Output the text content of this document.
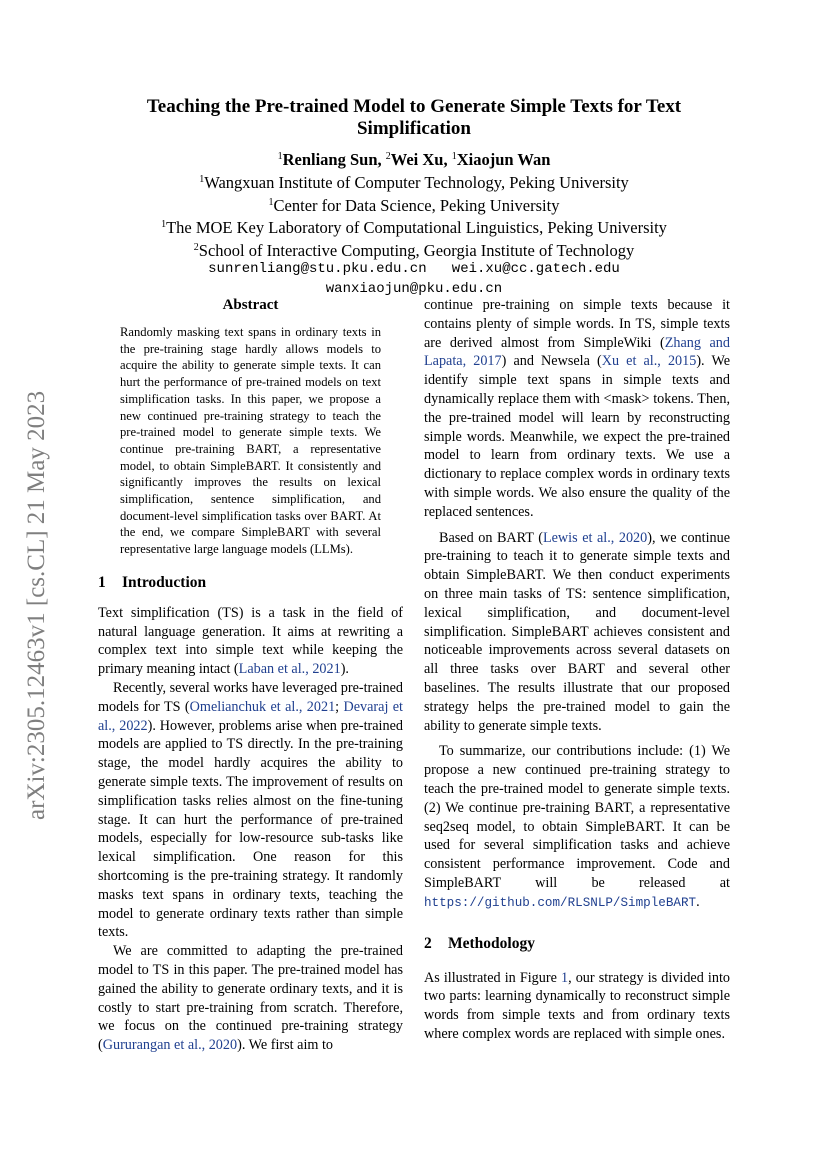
arXiv:2305.12463v1 [cs.CL] 21 May 2023
Teaching the Pre-trained Model to Generate Simple Texts for Text Simplification
$^1$Renliang Sun, $^2$Wei Xu, $^1$Xiaojun Wan
$^1$Wangxuan Institute of Computer Technology, Peking University
$^1$Center for Data Science, Peking University
$^1$The MOE Key Laboratory of Computational Linguistics, Peking University
$^2$School of Interactive Computing, Georgia Institute of Technology
sunrenliang@stu.pku.edu.cn   wei.xu@cc.gatech.edu
wanxiaojun@pku.edu.cn
Abstract

Randomly masking text spans in ordinary texts in the pre-training stage hardly allows models to acquire the ability to generate simple texts. It can hurt the performance of pre-trained models on text simplification tasks. In this paper, we propose a new continued pre-training strategy to teach the pre-trained model to generate simple texts. We continue pre-training BART, a representative model, to obtain SimpleBART. It consistently and significantly improves the results on lexical simplification, sentence simplification, and document-level simplification tasks over BART. At the end, we compare SimpleBART with several representative large language models (LLMs).

1 Introduction

Text simplification (TS) is a task in the field of natural language generation. It aims at rewriting a complex text into simple text while keeping the primary meaning intact (Laban et al., 2021).

Recently, several works have leveraged pre-trained models for TS (Omelianchuk et al., 2021; Devaraj et al., 2022). However, problems arise when pre-trained models are applied to TS directly. In the pre-training stage, the model hardly acquires the ability to generate simple texts. The improvement of results on simplification tasks relies almost on the fine-tuning stage. It can hurt the performance of pre-trained models, especially for low-resource sub-tasks like lexical simplification. One reason for this shortcoming is the pre-training strategy. It randomly masks text spans in ordinary texts, teaching the model to generate ordinary texts rather than simple texts.

We are committed to adapting the pre-trained model to TS in this paper. The pre-trained model has gained the ability to generate ordinary texts, and it is costly to start pre-training from scratch. Therefore, we focus on the continued pre-training strategy (Gururangan et al., 2020). We first aim to

continue pre-training on simple texts because it contains plenty of simple words. In TS, simple texts are derived almost from SimpleWiki (Zhang and Lapata, 2017) and Newsela (Xu et al., 2015). We identify simple text spans in simple texts and dynamically replace them with <mask> tokens. Then, the pre-trained model will learn by reconstructing simple words. Meanwhile, we expect the pre-trained model to learn from ordinary texts. We use a dictionary to replace complex words in ordinary texts with simple words. We also ensure the quality of the replaced sentences.

Based on BART (Lewis et al., 2020), we continue pre-training to teach it to generate simple texts and obtain SimpleBART. We then conduct experiments on three main tasks of TS: sentence simplification, lexical simplification, and document-level simplification. SimpleBART achieves consistent and noticeable improvements across several datasets on all three tasks over BART and several other baselines. The results illustrate that our proposed strategy helps the pre-trained model to gain the ability to generate simple texts.

To summarize, our contributions include: (1) We propose a new continued pre-training strategy to teach the pre-trained model to generate simple texts. (2) We continue pre-training BART, a representative seq2seq model, to obtain SimpleBART. It can be used for several simplification tasks and achieve consistent performance improvement. Code and SimpleBART will be released at https://github.com/RLSNLP/SimpleBART.

2 Methodology

As illustrated in Figure 1, our strategy is divided into two parts: learning dynamically to reconstruct simple words from simple texts and from ordinary texts where complex words are replaced with simple ones.
